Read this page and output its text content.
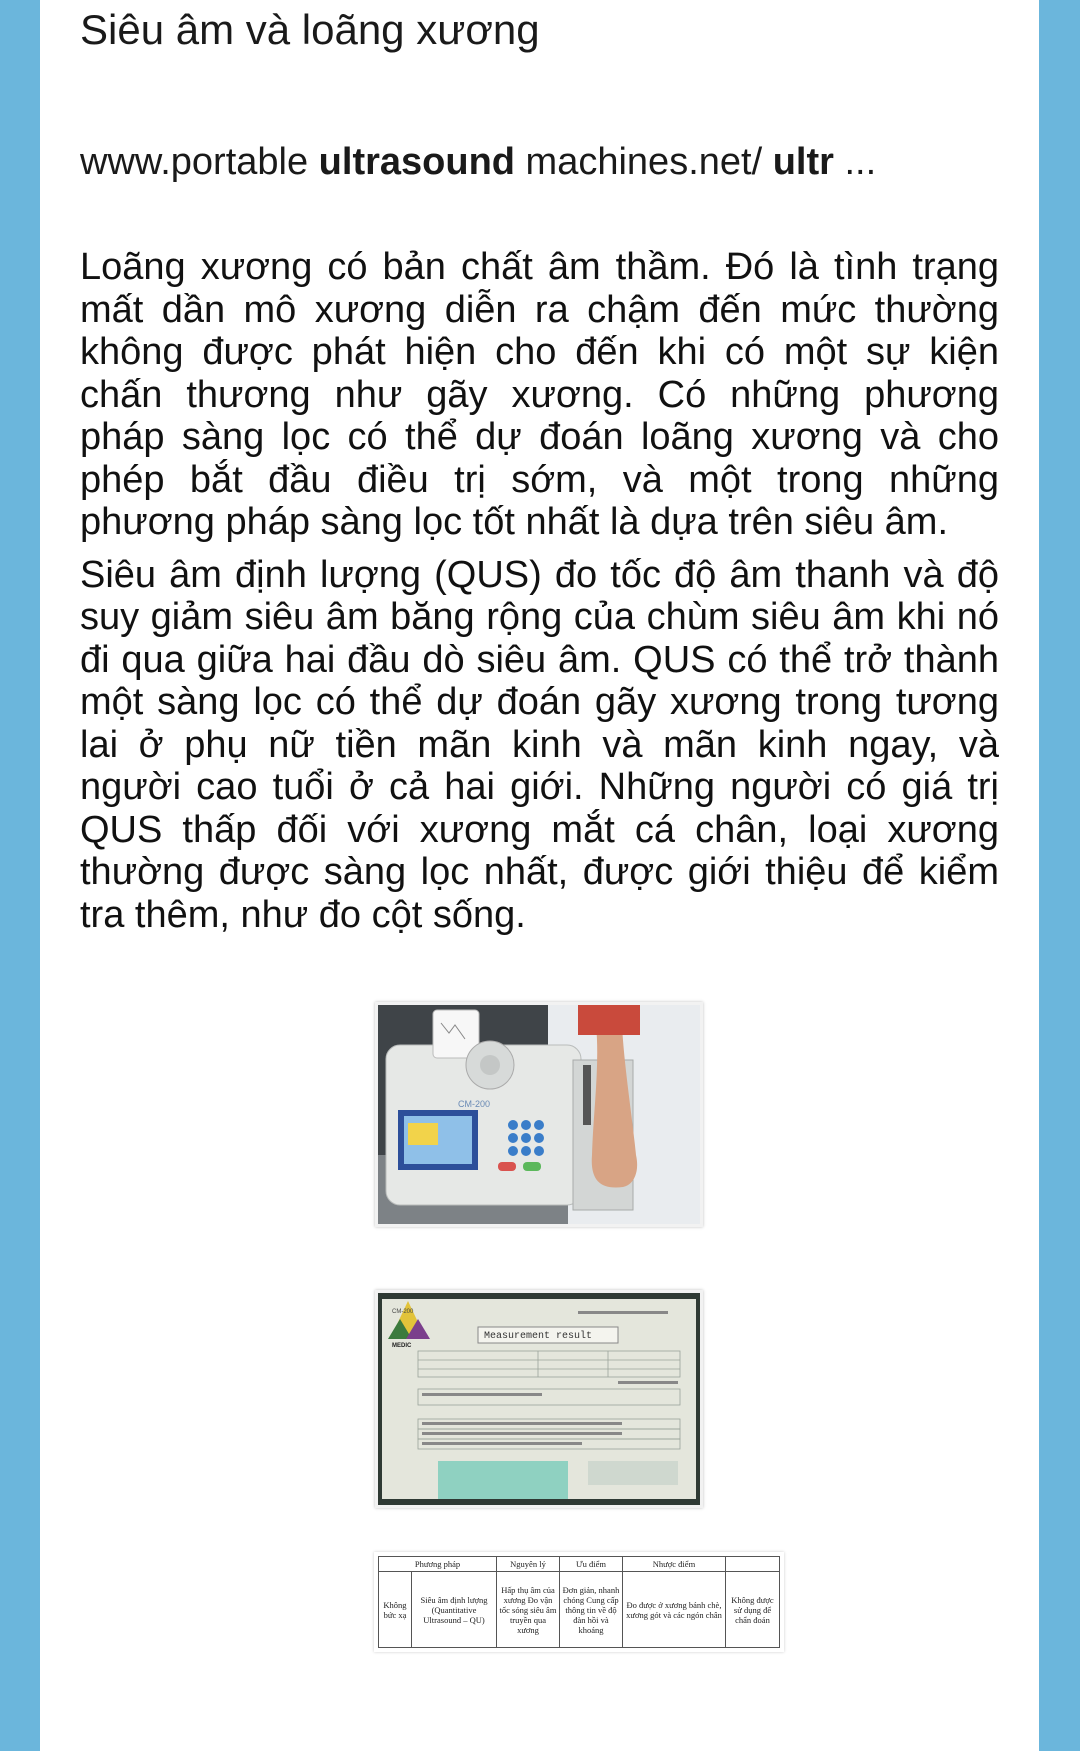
Siêu âm và loãng xương
www.portable ultrasound machines.net/ ultr ...

Loãng xương có bản chất âm thầm. Đó là tình trạng mất dần mô xương diễn ra chậm đến mức thường không được phát hiện cho đến khi có một sự kiện chấn thương như gãy xương. Có những phương pháp sàng lọc có thể dự đoán loãng xương và cho phép bắt đầu điều trị sớm, và một trong những phương pháp sàng lọc tốt nhất là dựa trên siêu âm.

Siêu âm định lượng (QUS) đo tốc độ âm thanh và độ suy giảm siêu âm băng rộng của chùm siêu âm khi nó đi qua giữa hai đầu dò siêu âm. QUS có thể trở thành một sàng lọc có thể dự đoán gãy xương trong tương lai ở phụ nữ tiền mãn kinh và mãn kinh ngay, và người cao tuổi ở cả hai giới. Những người có giá trị QUS thấp đối với xương mắt cá chân, loại xương thường được sàng lọc nhất, được giới thiệu để kiểm tra thêm, như đo cột sống.

CM-200
CM-200
MEDIC
Measurement result
Phương pháp		Nguyên lý	Ưu điểm	Nhược điểm	
Không bức xạ	Siêu âm định lượng (Quantitative Ultrasound – QU)	Hấp thụ âm của xương Đo vận tốc sóng siêu âm truyền qua xương	Đơn giản, nhanh chóng Cung cấp thông tin về độ đàn hồi và khoáng	Đo được ở xương bánh chè, xương gót và các ngón chân	Không được sử dụng để chẩn đoán
